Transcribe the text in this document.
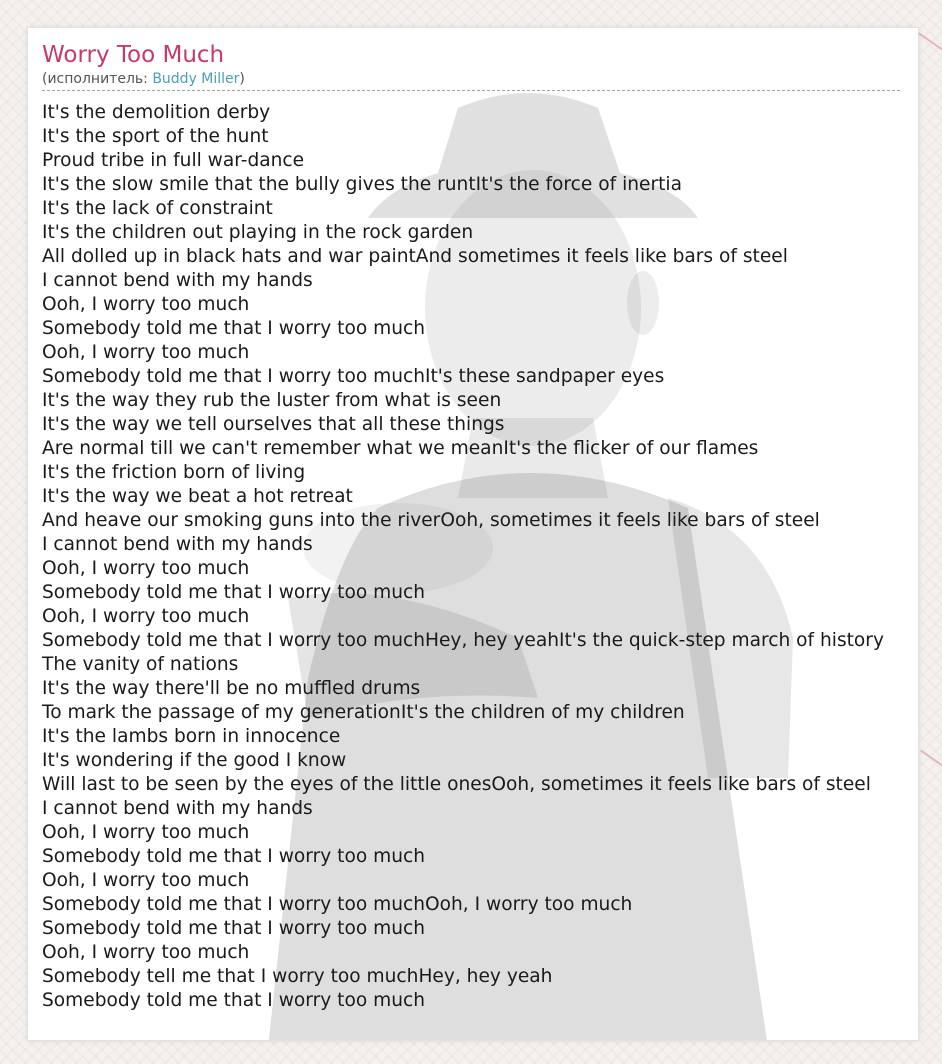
Worry Too Much
(исполнитель: Buddy Miller)
It's the demolition derby
It's the sport of the hunt
Proud tribe in full war-dance
It's the slow smile that the bully gives the runtIt's the force of inertia
It's the lack of constraint
It's the children out playing in the rock garden
All dolled up in black hats and war paintAnd sometimes it feels like bars of steel
I cannot bend with my hands
Ooh, I worry too much
Somebody told me that I worry too much
Ooh, I worry too much
Somebody told me that I worry too muchIt's these sandpaper eyes
It's the way they rub the luster from what is seen
It's the way we tell ourselves that all these things
Are normal till we can't remember what we meanIt's the flicker of our flames
It's the friction born of living
It's the way we beat a hot retreat
And heave our smoking guns into the riverOoh, sometimes it feels like bars of steel
I cannot bend with my hands
Ooh, I worry too much
Somebody told me that I worry too much
Ooh, I worry too much
Somebody told me that I worry too muchHey, hey yeahIt's the quick-step march of history
The vanity of nations
It's the way there'll be no muffled drums
To mark the passage of my generationIt's the children of my children
It's the lambs born in innocence
It's wondering if the good I know
Will last to be seen by the eyes of the little onesOoh, sometimes it feels like bars of steel
I cannot bend with my hands
Ooh, I worry too much
Somebody told me that I worry too much
Ooh, I worry too much
Somebody told me that I worry too muchOoh, I worry too much
Somebody told me that I worry too much
Ooh, I worry too much
Somebody tell me that I worry too muchHey, hey yeah
Somebody told me that I worry too much
